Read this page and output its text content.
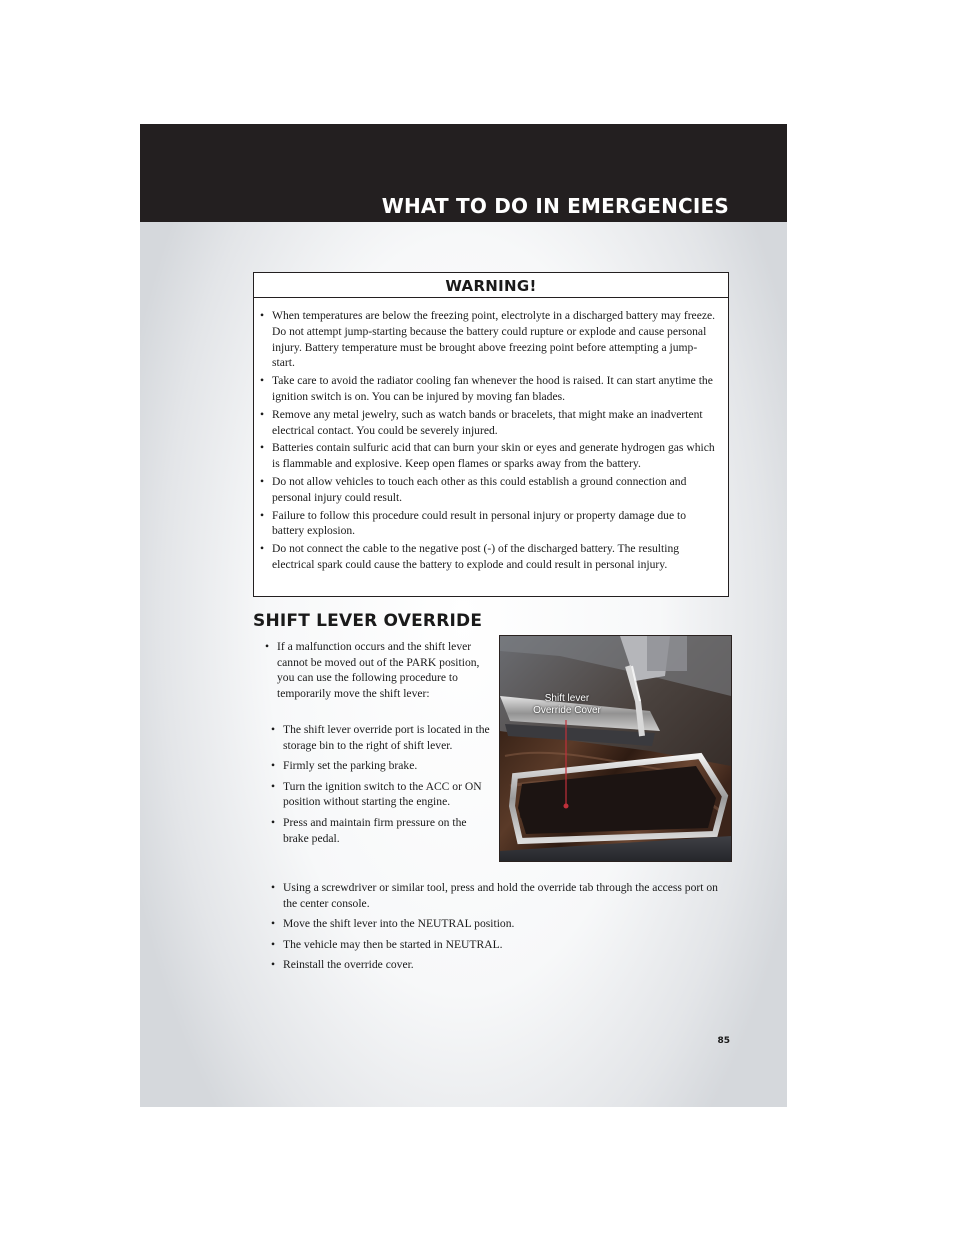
WHAT TO DO IN EMERGENCIES
WARNING!
• When temperatures are below the freezing point, electrolyte in a discharged battery may freeze. Do not attempt jump-starting because the battery could rupture or explode and cause personal injury. Battery temperature must be brought above freezing point before attempting a jump-start.
• Take care to avoid the radiator cooling fan whenever the hood is raised. It can start anytime the ignition switch is on. You can be injured by moving fan blades.
• Remove any metal jewelry, such as watch bands or bracelets, that might make an inadvertent electrical contact. You could be severely injured.
• Batteries contain sulfuric acid that can burn your skin or eyes and generate hydrogen gas which is flammable and explosive. Keep open flames or sparks away from the battery.
• Do not allow vehicles to touch each other as this could establish a ground connection and personal injury could result.
• Failure to follow this procedure could result in personal injury or property damage due to battery explosion.
• Do not connect the cable to the negative post (-) of the discharged battery. The resulting electrical spark could cause the battery to explode and could result in personal injury.
SHIFT LEVER OVERRIDE
• If a malfunction occurs and the shift lever cannot be moved out of the PARK position, you can use the following procedure to temporarily move the shift lever:
• The shift lever override port is located in the storage bin to the right of shift lever.
• Firmly set the parking brake.
• Turn the ignition switch to the ACC or ON position without starting the engine.
• Press and maintain firm pressure on the brake pedal.
Shift lever
Override Cover
• Using a screwdriver or similar tool, press and hold the override tab through the access port on the center console.
• Move the shift lever into the NEUTRAL position.
• The vehicle may then be started in NEUTRAL.
• Reinstall the override cover.
85
